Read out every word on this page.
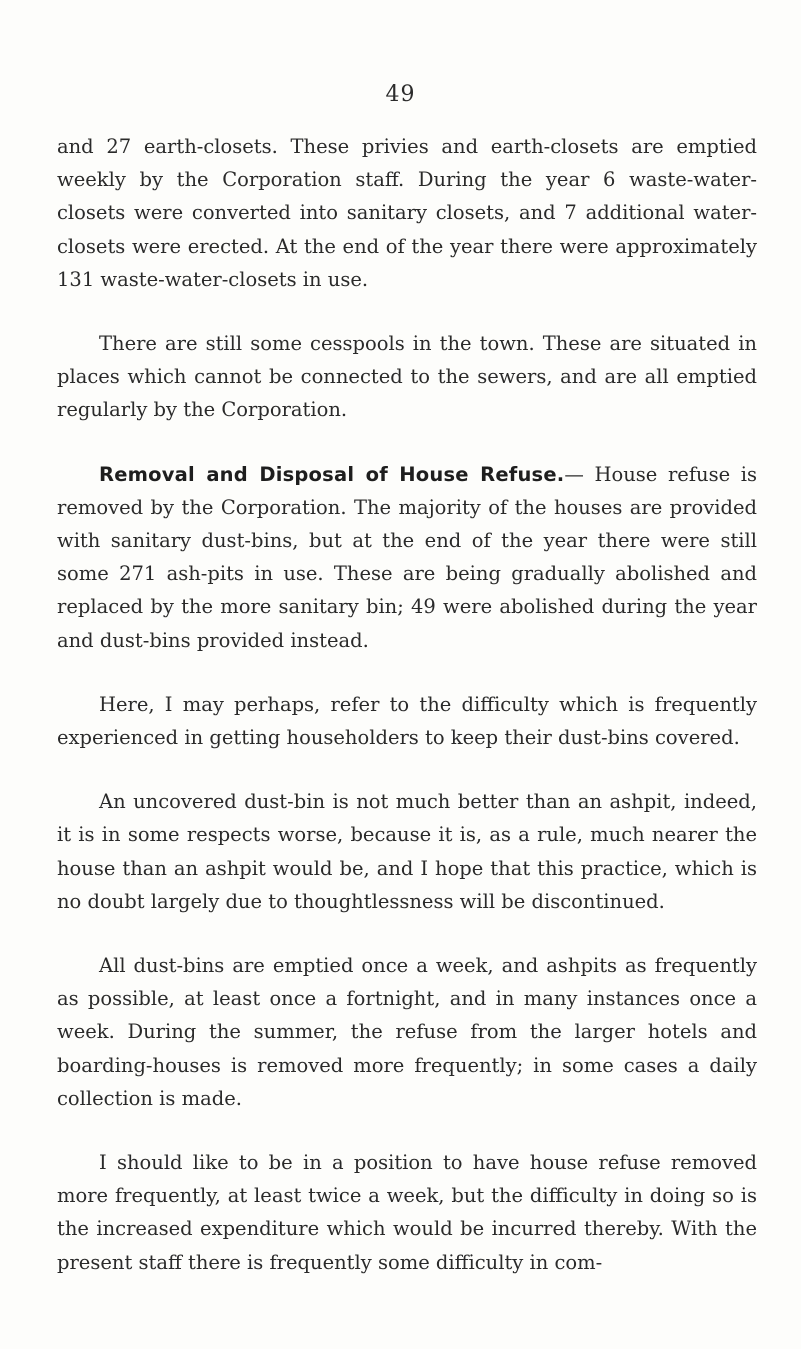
49

and 27 earth-closets. These privies and earth-closets are emptied weekly by the Corporation staff. During the year 6 waste-water-closets were converted into sanitary closets, and 7 additional water-closets were erected. At the end of the year there were approximately 131 waste-water-closets in use.

There are still some cesspools in the town. These are situated in places which cannot be connected to the sewers, and are all emptied regularly by the Corporation.

Removal and Disposal of House Refuse.— House refuse is removed by the Corporation. The majority of the houses are provided with sanitary dust-bins, but at the end of the year there were still some 271 ash-pits in use. These are being gradually abolished and replaced by the more sanitary bin; 49 were abolished during the year and dust-bins provided instead.

Here, I may perhaps, refer to the difficulty which is frequently experienced in getting householders to keep their dust-bins covered.

An uncovered dust-bin is not much better than an ashpit, indeed, it is in some respects worse, because it is, as a rule, much nearer the house than an ashpit would be, and I hope that this practice, which is no doubt largely due to thoughtlessness will be discontinued.

All dust-bins are emptied once a week, and ashpits as frequently as possible, at least once a fortnight, and in many instances once a week. During the summer, the refuse from the larger hotels and boarding-houses is removed more frequently; in some cases a daily collection is made.

I should like to be in a position to have house refuse removed more frequently, at least twice a week, but the difficulty in doing so is the increased expenditure which would be incurred thereby. With the present staff there is frequently some difficulty in com-
